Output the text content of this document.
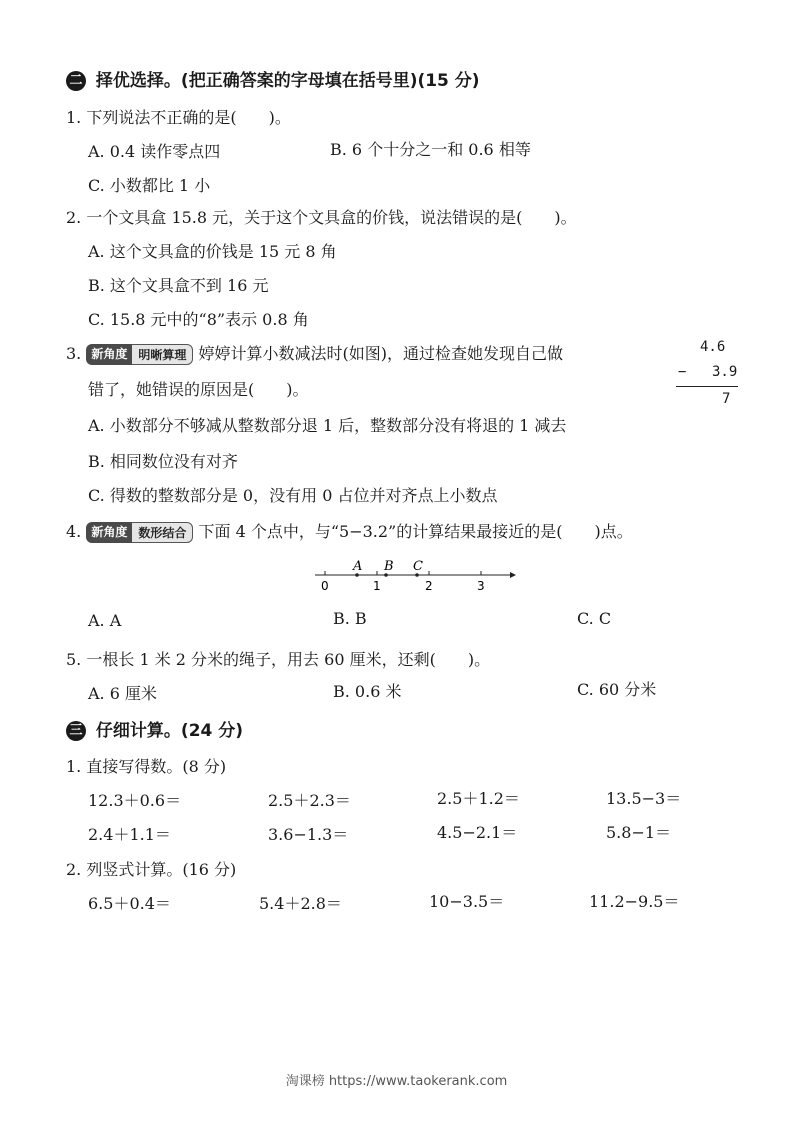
二 择优选择。(把正确答案的字母填在括号里)(15 分)
1. 下列说法不正确的是(　　)。
A. 0.4 读作零点四	B. 6 个十分之一和 0.6 相等
C. 小数都比 1 小
2. 一个文具盒 15.8 元，关于这个文具盒的价钱，说法错误的是(　　)。
A. 这个文具盒的价钱是 15 元 8 角
B. 这个文具盒不到 16 元
C. 15.8 元中的“8”表示 0.8 角
3. 新角度 明晰算理 婷婷计算小数减法时(如图)，通过检查她发现自己做
错了，她错误的原因是(　　)。
4.6
− 3.9
7
A. 小数部分不够减从整数部分退 1 后，整数部分没有将退的 1 减去
B. 相同数位没有对齐
C. 得数的整数部分是 0，没有用 0 占位并对齐点上小数点
4. 新角度 数形结合 下面 4 个点中，与“5−3.2”的计算结果最接近的是(　　)点。
A B C
0	1	2	3
A. A	B. B	C. C
5. 一根长 1 米 2 分米的绳子，用去 60 厘米，还剩(　　)。
A. 6 厘米	B. 0.6 米	C. 60 分米
三 仔细计算。(24 分)
1. 直接写得数。(8 分)
12.3＋0.6＝	2.5＋2.3＝	2.5＋1.2＝	13.5−3＝
2.4＋1.1＝	3.6−1.3＝	4.5−2.1＝	5.8−1＝
2. 列竖式计算。(16 分)
6.5＋0.4＝	5.4＋2.8＝	10−3.5＝	11.2−9.5＝
淘课榜 https://www.taokerank.com
